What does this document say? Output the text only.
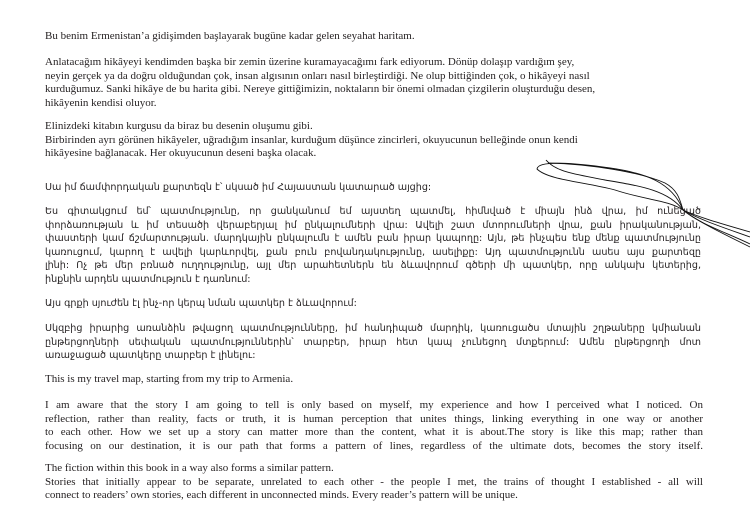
Bu benim Ermenistan’a gidişimden başlayarak bugüne kadar gelen seyahat haritam.
Anlatacağım hikâyeyi kendimden başka bir zemin üzerine kuramayacağımı fark ediyorum. Dönüp dolaşıp vardığım şey,
neyin gerçek ya da doğru olduğundan çok, insan algısının onları nasıl birleştirdiği. Ne olup bittiğinden çok, o hikâyeyi nasıl
kurduğumuz. Sanki hikâye de bu harita gibi. Nereye gittiğimizin, noktaların bir önemi olmadan çizgilerin oluşturduğu desen,
hikâyenin kendisi oluyor.
Elinizdeki kitabın kurgusu da biraz bu desenin oluşumu gibi.
Birbirinden ayrı görünen hikâyeler, uğradığım insanlar, kurduğum düşünce zincirleri, okuyucunun belleğinde onun kendi
hikâyesine bağlanacak. Her okuyucunun deseni başka olacak.
Սա իմ ճամփորդական քարտեզն է՝ սկսած իմ Հայաստան կատարած այցից:
Ես գիտակցում եմ՝ պատմությունը, որ ցանկանում եմ այստեղ պատմել, հիմնված է միայն ինձ վրա, իմ ունեցած
փորձառության և իմ տեսածի վերաբերյալ իմ ընկալումների վրա: Ավելի շատ մտորումների վրա, քան իրականության,
փաստերի կամ ճշմարտության. մարդկային ընկալումն է ամեն բան իրար կապողը: Այն, թե ինչպես ենք մենք պատմությունը
կառուցում, կարող է ավելի կարևորվել, քան բուն բովանդակությունը, ասելիքը: Այդ պատմությունն ասես այս քարտեզը
լինի: Ոչ թե մեր բռնած ուղղությունը, այլ մեր արահետներն են ձևավորում գծերի մի պատկեր, որը անկախ կետերից,
ինքնին արդեն պատմություն է դառնում:
Այս գրքի սյուժեն էլ ինչ-որ կերպ նման պատկեր է ձևավորում:
Սկզբից իրարից առանձին թվացող պատմությունները, իմ հանդիպած մարդիկ, կառուցածս մտային շղթաները կմիանան
ընթերցողների սեփական պատմություններին՝ տարբեր, իրար հետ կապ չունեցող մտքերում: Ամեն ընթերցողի մոտ
առաջացած պատկերը տարբեր է լինելու:
This is my travel map, starting from my trip to Armenia.
I am aware that the story I am going to tell is only based on myself, my experience and how I perceived what I noticed. On
reflection, rather than reality, facts or truth, it is human perception that unites things, linking everything in one way or another
to each other. How we set up a story can matter more than the content, what it is about.The story is like this map; rather than
focusing on our destination, it is our path that forms a pattern of lines, regardless of the ultimate dots, becomes the story itself.
The fiction within this book in a way also forms a similar pattern.
Stories that initially appear to be separate, unrelated to each other - the people I met, the trains of thought I established - all will
connect to readers’ own stories, each different in unconnected minds. Every reader’s pattern will be unique.
